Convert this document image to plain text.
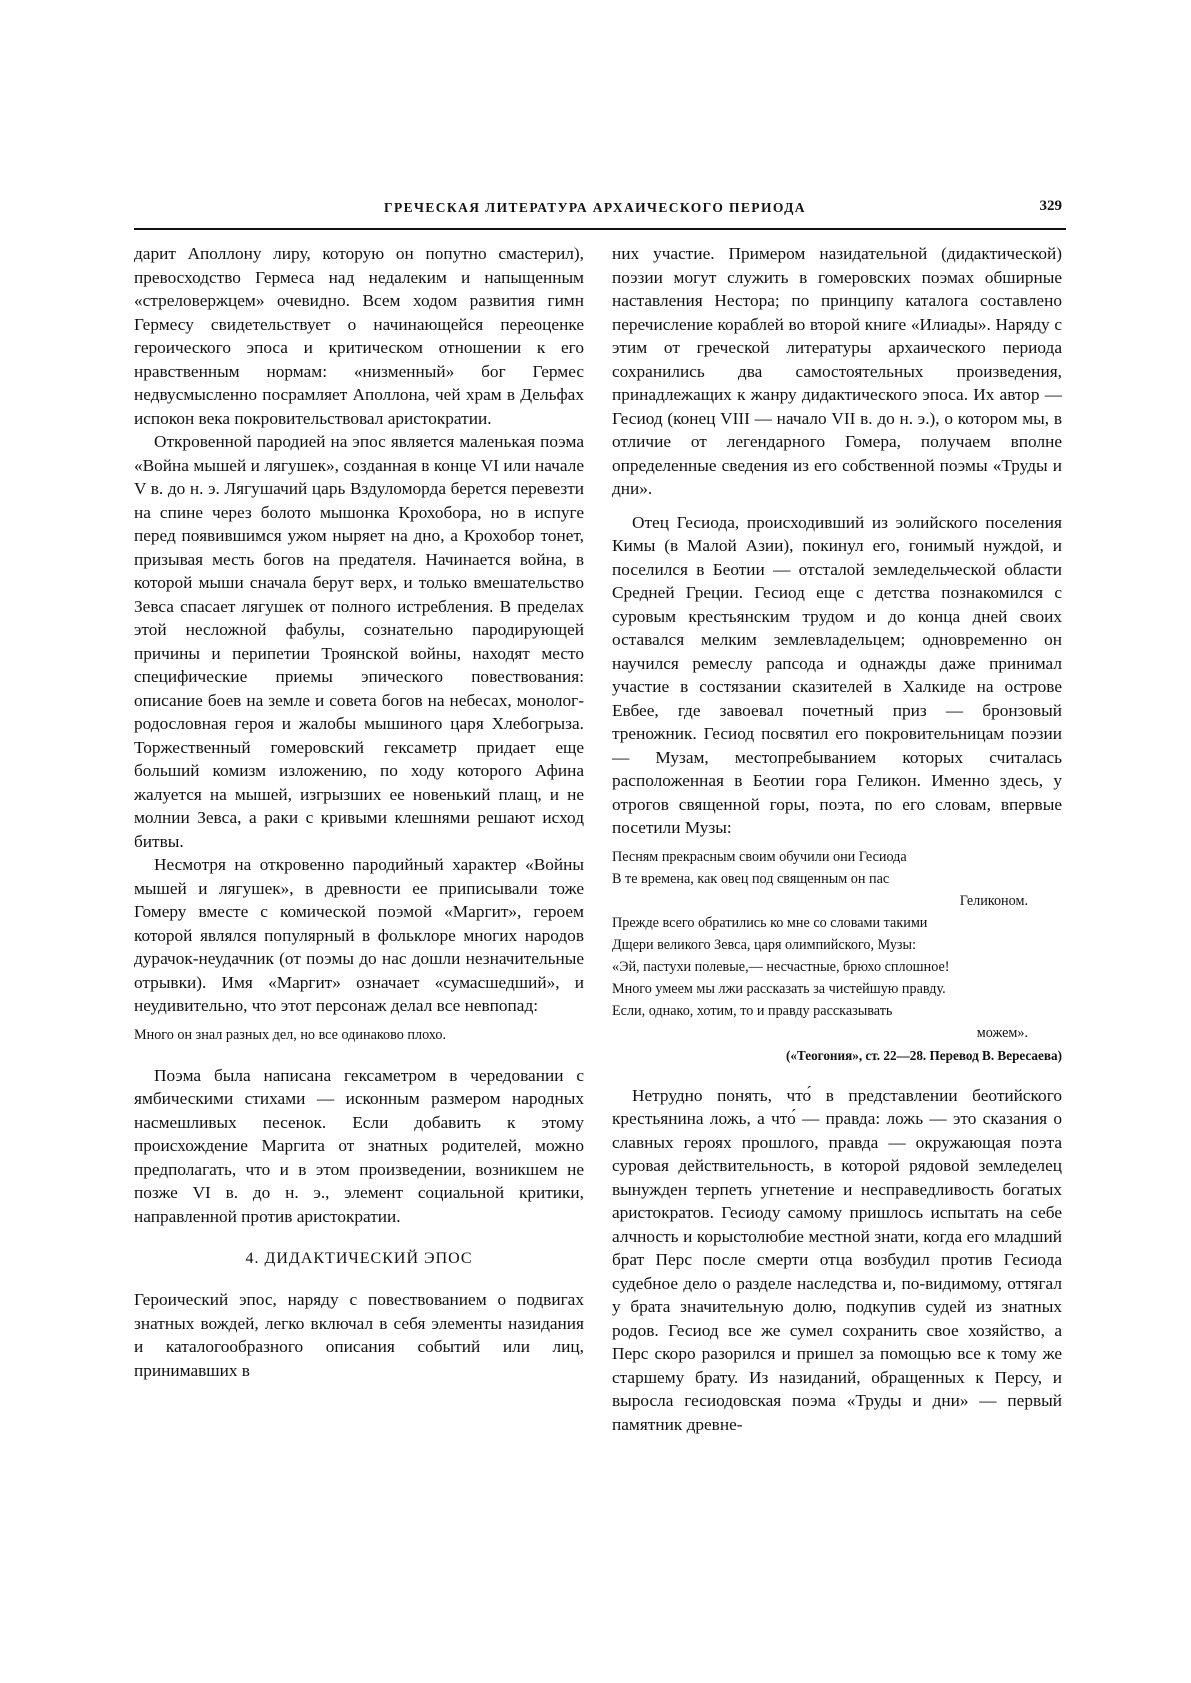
ГРЕЧЕСКАЯ ЛИТЕРАТУРА АРХАИЧЕСКОГО ПЕРИОДА	329

дарит Аполлону лиру, которую он попутно смастерил), превосходство Гермеса над недалеким и напыщенным «стреловержцем» очевидно. Всем ходом развития гимн Гермесу свидетельствует о начинающейся переоценке героического эпоса и критическом отношении к его нравственным нормам: «низменный» бог Гермес недвусмысленно посрамляет Аполлона, чей храм в Дельфах испокон века покровительствовал аристократии.

Откровенной пародией на эпос является маленькая поэма «Война мышей и лягушек», созданная в конце VI или начале V в. до н. э. Лягушачий царь Вздуломорда берется перевезти на спине через болото мышонка Крохобора, но в испуге перед появившимся ужом ныряет на дно, а Крохобор тонет, призывая месть богов на предателя. Начинается война, в которой мыши сначала берут верх, и только вмешательство Зевса спасает лягушек от полного истребления. В пределах этой несложной фабулы, сознательно пародирующей причины и перипетии Троянской войны, находят место специфические приемы эпического повествования: описание боев на земле и совета богов на небесах, монолог-родословная героя и жалобы мышиного царя Хлебогрыза. Торжественный гомеровский гексаметр придает еще больший комизм изложению, по ходу которого Афина жалуется на мышей, изгрызших ее новенький плащ, и не молнии Зевса, а раки с кривыми клешнями решают исход битвы.

Несмотря на откровенно пародийный характер «Войны мышей и лягушек», в древности ее приписывали тоже Гомеру вместе с комической поэмой «Маргит», героем которой являлся популярный в фольклоре многих народов дурачок-неудачник (от поэмы до нас дошли незначительные отрывки). Имя «Маргит» означает «сумасшедший», и неудивительно, что этот персонаж делал все невпопад:

Много он знал разных дел, но все одинаково плохо.

Поэма была написана гексаметром в чередовании с ямбическими стихами — исконным размером народных насмешливых песенок. Если добавить к этому происхождение Маргита от знатных родителей, можно предполагать, что и в этом произведении, возникшем не позже VI в. до н. э., элемент социальной критики, направленной против аристократии.

4. ДИДАКТИЧЕСКИЙ ЭПОС

Героический эпос, наряду с повествованием о подвигах знатных вождей, легко включал в себя элементы назидания и каталогообразного описания событий или лиц, принимавших в

них участие. Примером назидательной (дидактической) поэзии могут служить в гомеровских поэмах обширные наставления Нестора; по принципу каталога составлено перечисление кораблей во второй книге «Илиады». Наряду с этим от греческой литературы архаического периода сохранились два самостоятельных произведения, принадлежащих к жанру дидактического эпоса. Их автор — Гесиод (конец VIII — начало VII в. до н. э.), о котором мы, в отличие от легендарного Гомера, получаем вполне определенные сведения из его собственной поэмы «Труды и дни».

Отец Гесиода, происходивший из эолийского поселения Кимы (в Малой Азии), покинул его, гонимый нуждой, и поселился в Беотии — отсталой земледельческой области Средней Греции. Гесиод еще с детства познакомился с суровым крестьянским трудом и до конца дней своих оставался мелким землевладельцем; одновременно он научился ремеслу рапсода и однажды даже принимал участие в состязании сказителей в Халкиде на острове Евбее, где завоевал почетный приз — бронзовый треножник. Гесиод посвятил его покровительницам поэзии — Музам, местопребыванием которых считалась расположенная в Беотии гора Геликон. Именно здесь, у отрогов священной горы, поэта, по его словам, впервые посетили Музы:

Песням прекрасным своим обучили они Гесиода
В те времена, как овец под священным он пас
Геликоном.
Прежде всего обратились ко мне со словами такими
Дщери великого Зевса, царя олимпийского, Музы:
«Эй, пастухи полевые,— несчастные, брюхо сплошное!
Много умеем мы лжи рассказать за чистейшую правду.
Если, однако, хотим, то и правду рассказывать
можем».
(«Теогония», ст. 22—28. Перевод В. Вересаева)

Нетрудно понять, что́ в представлении беотийского крестьянина ложь, а что́ — правда: ложь — это сказания о славных героях прошлого, правда — окружающая поэта суровая действительность, в которой рядовой земледелец вынужден терпеть угнетение и несправедливость богатых аристократов. Гесиоду самому пришлось испытать на себе алчность и корыстолюбие местной знати, когда его младший брат Перс после смерти отца возбудил против Гесиода судебное дело о разделе наследства и, по-видимому, оттягал у брата значительную долю, подкупив судей из знатных родов. Гесиод все же сумел сохранить свое хозяйство, а Перс скоро разорился и пришел за помощью все к тому же старшему брату. Из назиданий, обращенных к Персу, и выросла гесиодовская поэма «Труды и дни» — первый памятник древне-
